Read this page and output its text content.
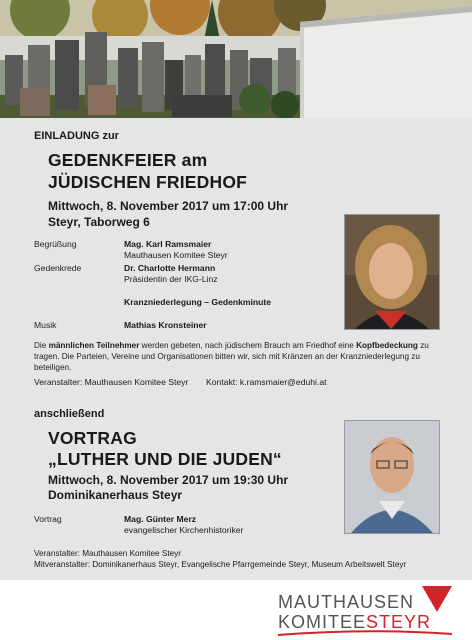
EINLADUNG zur
GEDENKFEIER am
JÜDISCHEN FRIEDHOF
Mittwoch, 8. November 2017 um 17:00 Uhr
Steyr, Taborweg 6
Begrüßung	Mag. Karl Ramsmaier
Mauthausen Komitee Steyr
Gedenkrede	Dr. Charlotte Hermann
Präsidentin der IKG-Linz
Kranzniederlegung – Gedenkminute
Musik	Mathias Kronsteiner
Die männlichen Teilnehmer werden gebeten, nach jüdischem Brauch am Friedhof eine Kopfbedeckung zu tragen. Die Parteien, Vereine und Organisationen bitten wir, sich mit Kränzen an der Kranzniederlegung zu beteiligen.
Veranstalter: Mauthausen Komitee Steyr Kontakt: k.ramsmaier@eduhi.at
anschließend
VORTRAG
„LUTHER UND DIE JUDEN“
Mittwoch, 8. November 2017 um 19:30 Uhr
Dominikanerhaus Steyr
Vortrag	Mag. Günter Merz
evangelischer Kirchenhistoriker
Veranstalter: Mauthausen Komitee Steyr
Mitveranstalter: Dominikanerhaus Steyr, Evangelische Pfarrgemeinde Steyr, Museum Arbeitswelt Steyr
MAUTHAUSEN
KOMITEESTEYR
